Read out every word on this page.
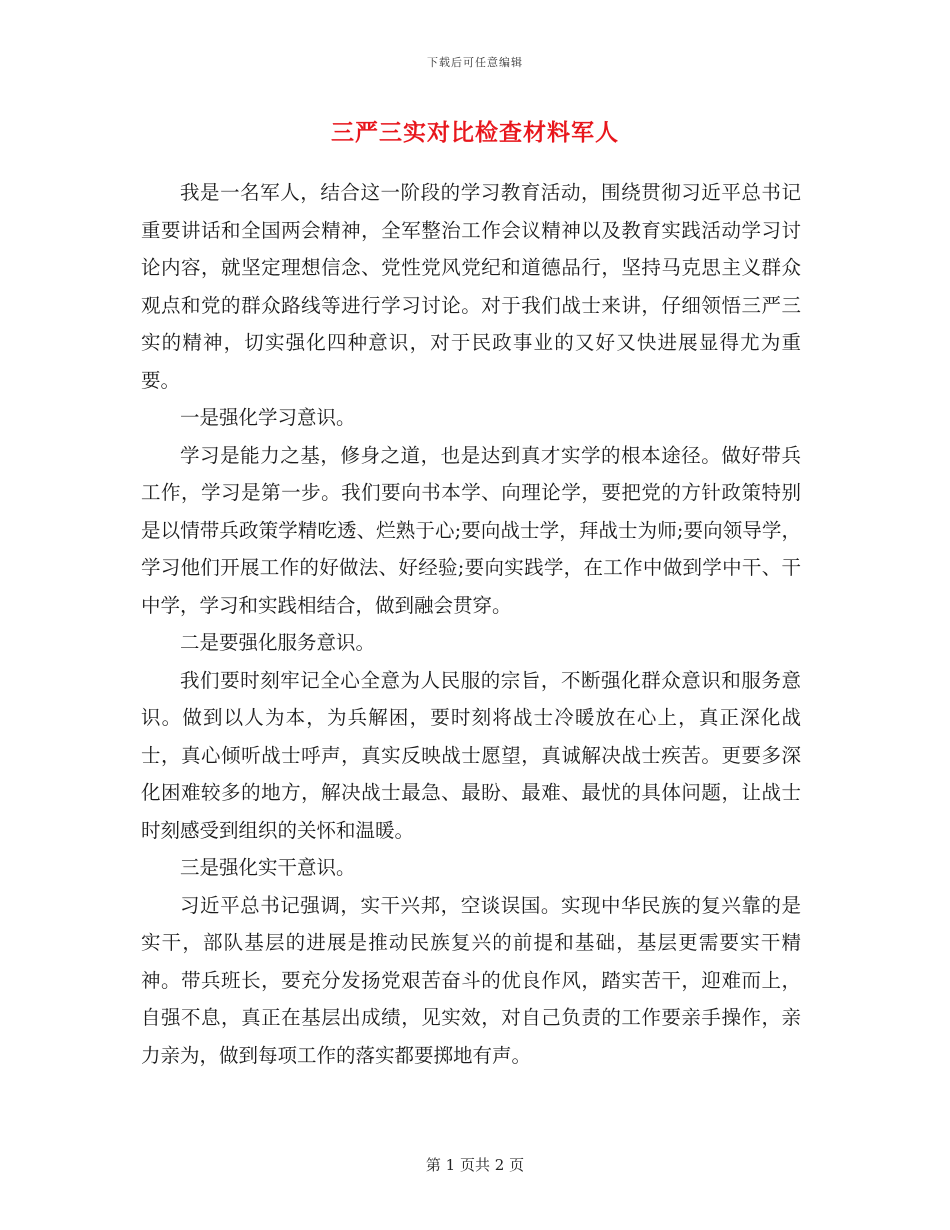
下载后可任意编辑
三严三实对比检查材料军人

我是一名军人，结合这一阶段的学习教育活动，围绕贯彻习近平总书记重要讲话和全国两会精神，全军整治工作会议精神以及教育实践活动学习讨论内容，就坚定理想信念、党性党风党纪和道德品行，坚持马克思主义群众观点和党的群众路线等进行学习讨论。对于我们战士来讲，仔细领悟三严三实的精神，切实强化四种意识，对于民政事业的又好又快进展显得尤为重要。

一是强化学习意识。

学习是能力之基，修身之道，也是达到真才实学的根本途径。做好带兵工作，学习是第一步。我们要向书本学、向理论学，要把党的方针政策特别是以情带兵政策学精吃透、烂熟于心;要向战士学，拜战士为师;要向领导学，学习他们开展工作的好做法、好经验;要向实践学，在工作中做到学中干、干中学，学习和实践相结合，做到融会贯穿。

二是要强化服务意识。

我们要时刻牢记全心全意为人民服的宗旨，不断强化群众意识和服务意识。做到以人为本，为兵解困，要时刻将战士冷暖放在心上，真正深化战士，真心倾听战士呼声，真实反映战士愿望，真诚解决战士疾苦。更要多深化困难较多的地方，解决战士最急、最盼、最难、最忧的具体问题，让战士时刻感受到组织的关怀和温暖。

三是强化实干意识。

习近平总书记强调，实干兴邦，空谈误国。实现中华民族的复兴靠的是实干，部队基层的进展是推动民族复兴的前提和基础，基层更需要实干精神。带兵班长，要充分发扬党艰苦奋斗的优良作风，踏实苦干，迎难而上，自强不息，真正在基层出成绩，见实效，对自己负责的工作要亲手操作，亲力亲为，做到每项工作的落实都要掷地有声。

第 1 页共 2 页
